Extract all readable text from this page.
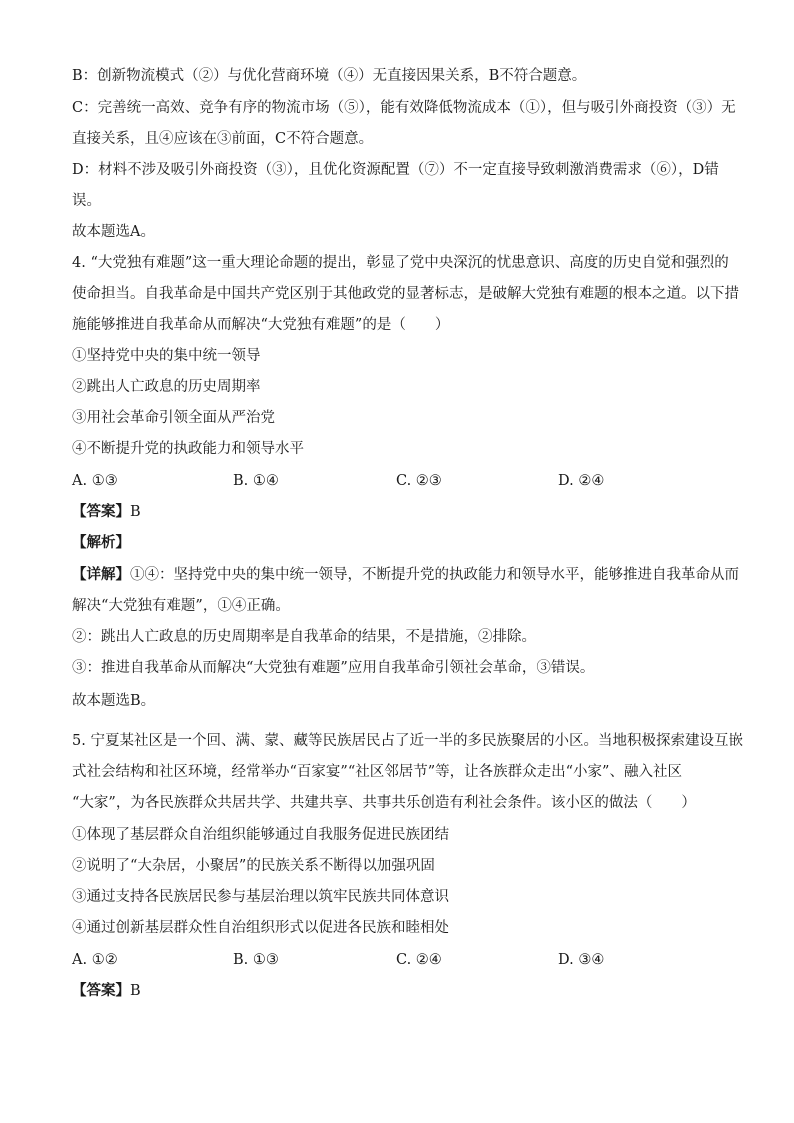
B：创新物流模式（②）与优化营商环境（④）无直接因果关系，B不符合题意。
C：完善统一高效、竞争有序的物流市场（⑤），能有效降低物流成本（①），但与吸引外商投资（③）无
直接关系，且④应该在③前面，C不符合题意。
D：材料不涉及吸引外商投资（③），且优化资源配置（⑦）不一定直接导致刺激消费需求（⑥），D错
误。
故本题选A。
4. “大党独有难题”这一重大理论命题的提出，彰显了党中央深沉的忧患意识、高度的历史自觉和强烈的
使命担当。自我革命是中国共产党区别于其他政党的显著标志，是破解大党独有难题的根本之道。以下措
施能够推进自我革命从而解决“大党独有难题”的是（　　）
①坚持党中央的集中统一领导
②跳出人亡政息的历史周期率
③用社会革命引领全面从严治党
④不断提升党的执政能力和领导水平
A. ①③	B. ①④	C. ②③	D. ②④
【答案】B
【解析】
【详解】①④：坚持党中央的集中统一领导，不断提升党的执政能力和领导水平，能够推进自我革命从而
解决“大党独有难题”，①④正确。
②：跳出人亡政息的历史周期率是自我革命的结果，不是措施，②排除。
③：推进自我革命从而解决“大党独有难题”应用自我革命引领社会革命，③错误。
故本题选B。
5. 宁夏某社区是一个回、满、蒙、藏等民族居民占了近一半的多民族聚居的小区。当地积极探索建设互嵌
式社会结构和社区环境，经常举办“百家宴”“社区邻居节”等，让各族群众走出“小家”、融入社区
“大家”，为各民族群众共居共学、共建共享、共事共乐创造有利社会条件。该小区的做法（　　）
①体现了基层群众自治组织能够通过自我服务促进民族团结
②说明了“大杂居，小聚居”的民族关系不断得以加强巩固
③通过支持各民族居民参与基层治理以筑牢民族共同体意识
④通过创新基层群众性自治组织形式以促进各民族和睦相处
A. ①②	B. ①③	C. ②④	D. ③④
【答案】B
